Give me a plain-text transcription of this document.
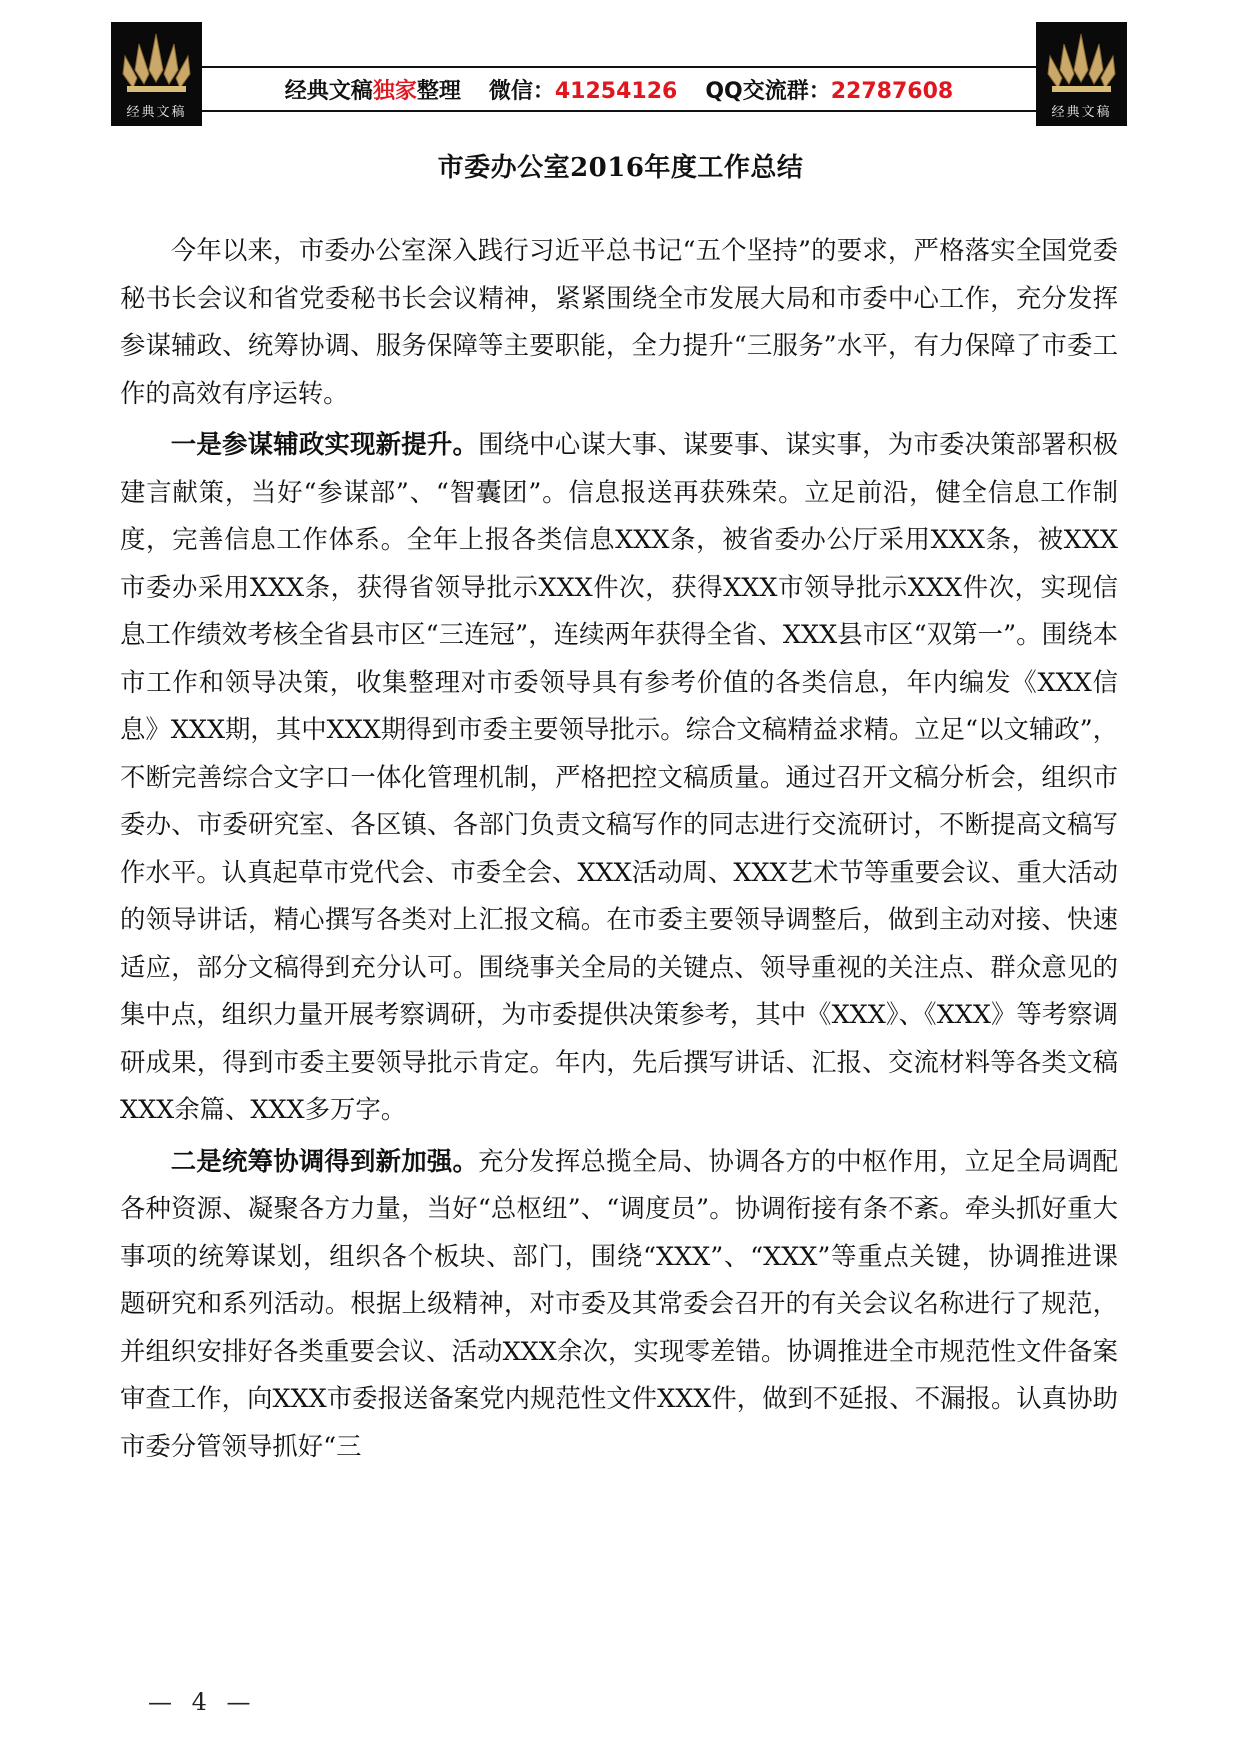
经典文稿
经典文稿独家整理 微信：41254126 QQ交流群：22787608
经典文稿
市委办公室2016年度工作总结

今年以来，市委办公室深入践行习近平总书记“五个坚持”的要求，严格落实全国党委秘书长会议和省党委秘书长会议精神，紧紧围绕全市发展大局和市委中心工作，充分发挥参谋辅政、统筹协调、服务保障等主要职能，全力提升“三服务”水平，有力保障了市委工作的高效有序运转。

一是参谋辅政实现新提升。围绕中心谋大事、谋要事、谋实事，为市委决策部署积极建言献策，当好“参谋部”、“智囊团”。信息报送再获殊荣。立足前沿，健全信息工作制度，完善信息工作体系。全年上报各类信息XXX条，被省委办公厅采用XXX条，被XXX市委办采用XXX条，获得省领导批示XXX件次，获得XXX市领导批示XXX件次，实现信息工作绩效考核全省县市区“三连冠”，连续两年获得全省、XXX县市区“双第一”。围绕本市工作和领导决策，收集整理对市委领导具有参考价值的各类信息，年内编发《XXX信息》XXX期，其中XXX期得到市委主要领导批示。综合文稿精益求精。立足“以文辅政”，不断完善综合文字口一体化管理机制，严格把控文稿质量。通过召开文稿分析会，组织市委办、市委研究室、各区镇、各部门负责文稿写作的同志进行交流研讨，不断提高文稿写作水平。认真起草市党代会、市委全会、XXX活动周、XXX艺术节等重要会议、重大活动的领导讲话，精心撰写各类对上汇报文稿。在市委主要领导调整后，做到主动对接、快速适应，部分文稿得到充分认可。围绕事关全局的关键点、领导重视的关注点、群众意见的集中点，组织力量开展考察调研，为市委提供决策参考，其中《XXX》、《XXX》等考察调研成果，得到市委主要领导批示肯定。年内，先后撰写讲话、汇报、交流材料等各类文稿XXX余篇、XXX多万字。

二是统筹协调得到新加强。充分发挥总揽全局、协调各方的中枢作用，立足全局调配各种资源、凝聚各方力量，当好“总枢纽”、“调度员”。协调衔接有条不紊。牵头抓好重大事项的统筹谋划，组织各个板块、部门，围绕“XXX”、“XXX”等重点关键，协调推进课题研究和系列活动。根据上级精神，对市委及其常委会召开的有关会议名称进行了规范，并组织安排好各类重要会议、活动XXX余次，实现零差错。协调推进全市规范性文件备案审查工作，向XXX市委报送备案党内规范性文件XXX件，做到不延报、不漏报。认真协助市委分管领导抓好“三

— 4 —
